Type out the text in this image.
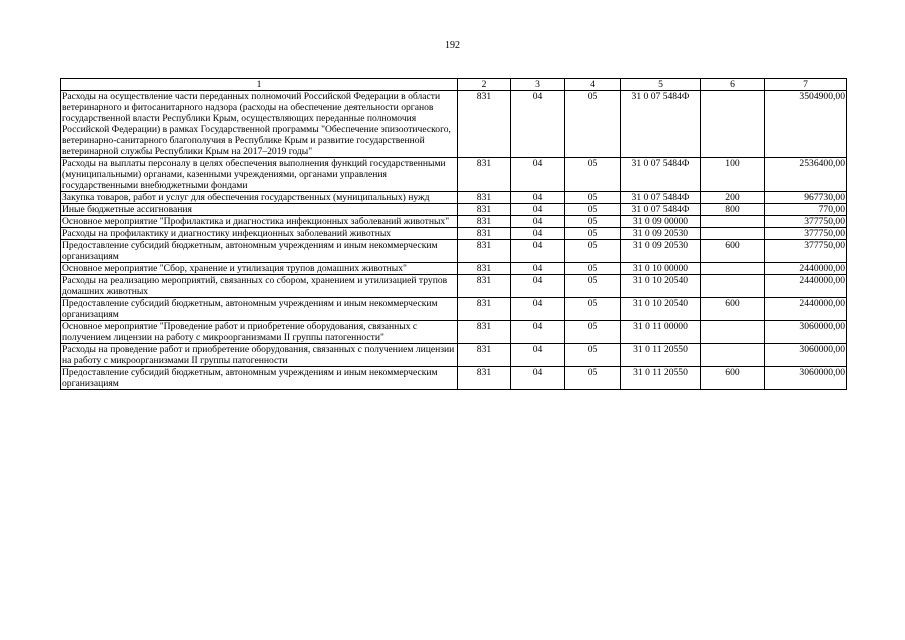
192
1	2	3	4	5	6	7
Расходы на осуществление части переданных полномочий Российской Федерации в области ветеринарного и фитосанитарного надзора (расходы на обеспечение деятельности органов государственной власти Республики Крым, осуществляющих переданные полномочия Российской Федерации) в рамках Государственной программы "Обеспечение эпизоотического, ветеринарно-санитарного благополучия в Республике Крым и развитие государственной ветеринарной службы Республики Крым на 2017–2019 годы"	831	04	05	31 0 07 5484Ф		3504900,00
Расходы на выплаты персоналу в целях обеспечения выполнения функций государственными (муниципальными) органами, казенными учреждениями, органами управления государственными внебюджетными фондами	831	04	05	31 0 07 5484Ф	100	2536400,00
Закупка товаров, работ и услуг для обеспечения государственных (муниципальных) нужд	831	04	05	31 0 07 5484Ф	200	967730,00
Иные бюджетные ассигнования	831	04	05	31 0 07 5484Ф	800	770,00
Основное мероприятие "Профилактика и диагностика инфекционных заболеваний животных"	831	04	05	31 0 09 00000		377750,00
Расходы на профилактику и диагностику инфекционных заболеваний животных	831	04	05	31 0 09 20530		377750,00
Предоставление субсидий бюджетным, автономным учреждениям и иным некоммерческим организациям	831	04	05	31 0 09 20530	600	377750,00
Основное мероприятие "Сбор, хранение и утилизация трупов домашних животных"	831	04	05	31 0 10 00000		2440000,00
Расходы на реализацию мероприятий, связанных со сбором, хранением и утилизацией трупов домашних животных	831	04	05	31 0 10 20540		2440000,00
Предоставление субсидий бюджетным, автономным учреждениям и иным некоммерческим организациям	831	04	05	31 0 10 20540	600	2440000,00
Основное мероприятие "Проведение работ и приобретение оборудования, связанных с получением лицензии на работу с микроорганизмами II группы патогенности"	831	04	05	31 0 11 00000		3060000,00
Расходы на проведение работ и приобретение оборудования, связанных с получением лицензии на работу с микроорганизмами II группы патогенности	831	04	05	31 0 11 20550		3060000,00
Предоставление субсидий бюджетным, автономным учреждениям и иным некоммерческим организациям	831	04	05	31 0 11 20550	600	3060000,00
